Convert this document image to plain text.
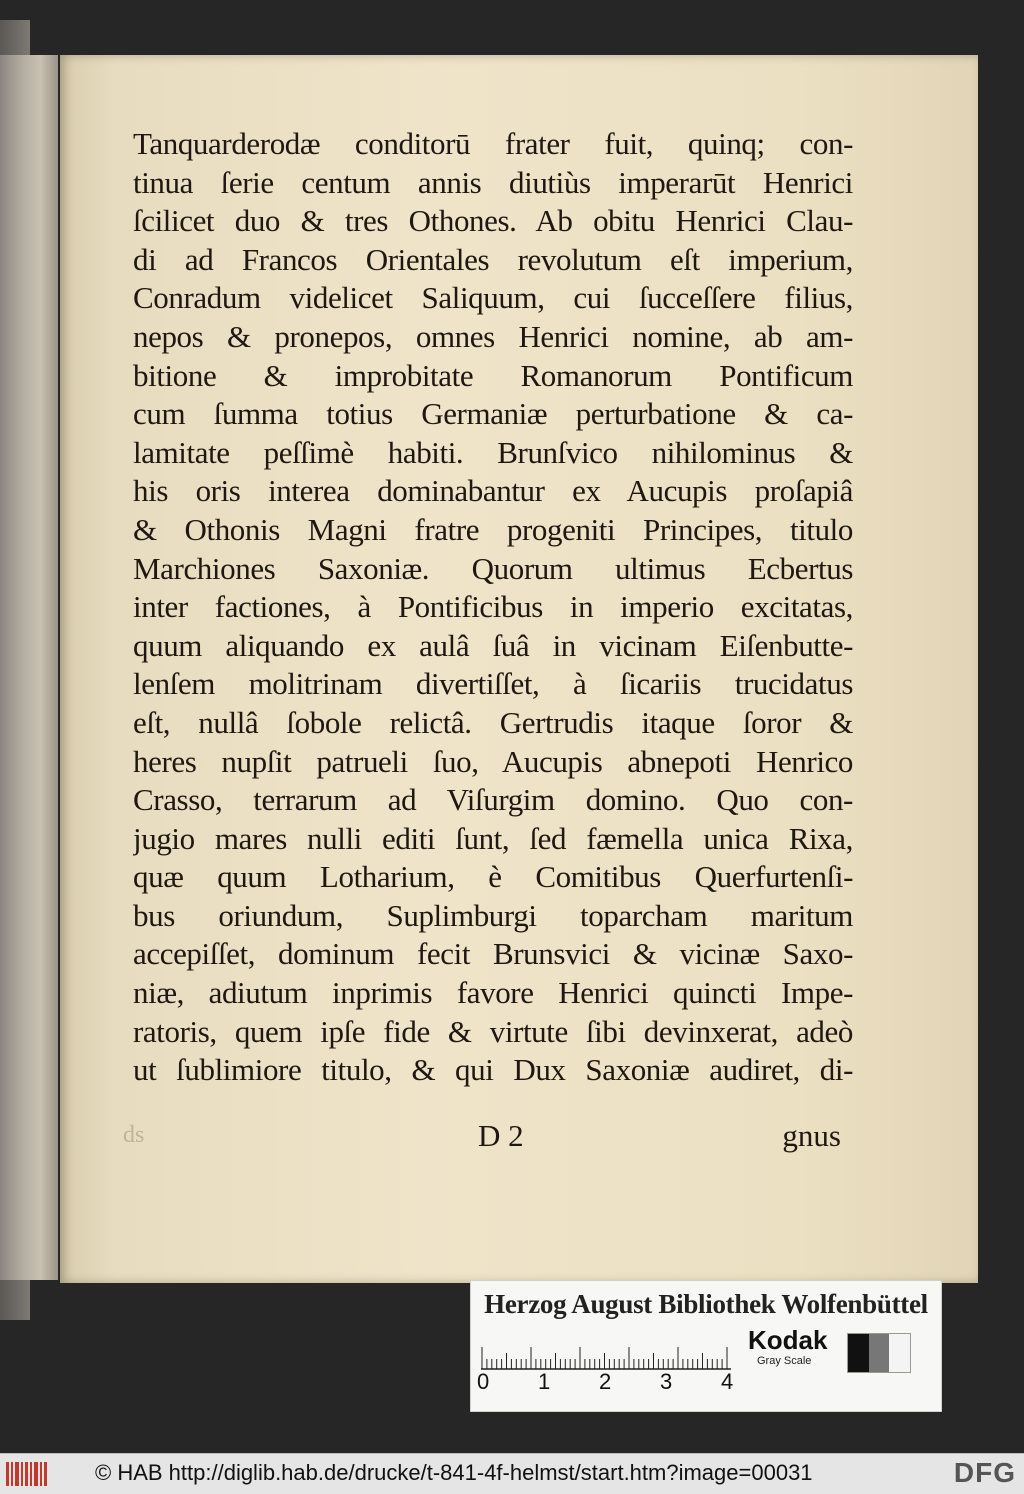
Tanquarderodæ conditorū frater fuit, quinq; con-
tinua ſerie centum annis diutiùs imperarūt Henrici
ſcilicet duo & tres Othones. Ab obitu Henrici Clau-
di ad Francos Orientales revolutum eſt imperium,
Conradum videlicet Saliquum, cui ſucceſſere filius,
nepos & pronepos, omnes Henrici nomine, ab am-
bitione & improbitate Romanorum Pontificum
cum ſumma totius Germaniæ perturbatione & ca-
lamitate peſſimè habiti. Brunſvico nihilominus &
his oris interea dominabantur ex Aucupis proſapiâ
& Othonis Magni fratre progeniti Principes, titulo
Marchiones Saxoniæ. Quorum ultimus Ecbertus
inter factiones, à Pontificibus in imperio excitatas,
quum aliquando ex aulâ ſuâ in vicinam Eiſenbutte-
lenſem molitrinam divertiſſet, à ſicariis trucidatus
eſt, nullâ ſobole relictâ. Gertrudis itaque ſoror &
heres nupſit patrueli ſuo, Aucupis abnepoti Henrico
Crasso, terrarum ad Viſurgim domino. Quo con-
jugio mares nulli editi ſunt, ſed fæmella unica Rixa,
quæ quum Lotharium, è Comitibus Querfurtenſi-
bus oriundum, Suplimburgi toparcham maritum
accepiſſet, dominum fecit Brunsvici & vicinæ Saxo-
niæ, adiutum inprimis favore Henrici quincti Impe-
ratoris, quem ipſe fide & virtute ſibi devinxerat, adeò
ut ſublimiore titulo, & qui Dux Saxoniæ audiret, di-
ds	D 2	gnus
Herzog August Bibliothek Wolfenbüttel
0 1 2 3 4
Kodak
Gray Scale
© HAB http://diglib.hab.de/drucke/t-841-4f-helmst/start.htm?image=00031	DFG
